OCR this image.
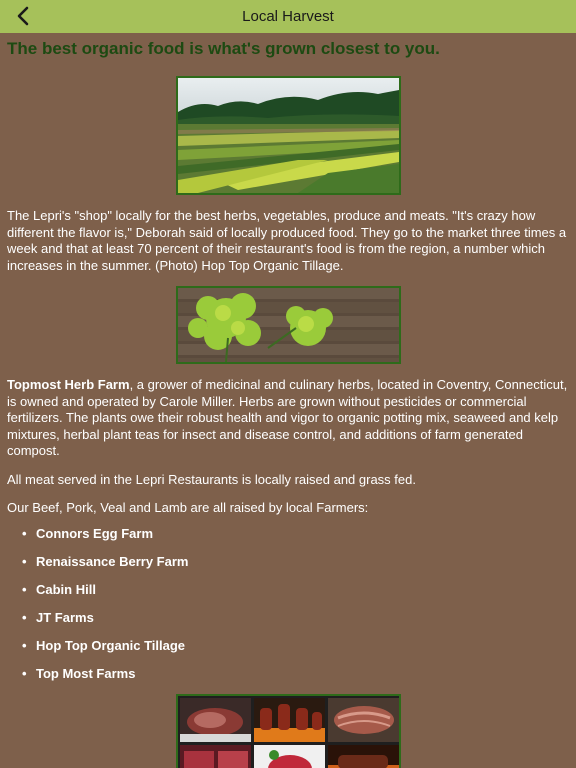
Local Harvest
The best organic food is what's grown closest to you.
The Lepri's "shop" locally for the best herbs, vegetables, produce and meats. "It's crazy how different the flavor is," Deborah said of locally produced food. They go to the market three times a week and that at least 70 percent of their restaurant's food is from the region, a number which increases in the summer. (Photo) Hop Top Organic Tillage.
Topmost Herb Farm, a grower of medicinal and culinary herbs, located in Coventry, Connecticut, is owned and operated by Carole Miller. Herbs are grown without pesticides or commercial fertilizers. The plants owe their robust health and vigor to organic potting mix, seaweed and kelp mixtures, herbal plant teas for insect and disease control, and additions of farm generated compost.
All meat served in the Lepri Restaurants is locally raised and grass fed.
Our Beef, Pork, Veal and Lamb are all raised by local Farmers:
• Connors Egg Farm
• Renaissance Berry Farm
• Cabin Hill
• JT Farms
• Hop Top Organic Tillage
• Top Most Farms
